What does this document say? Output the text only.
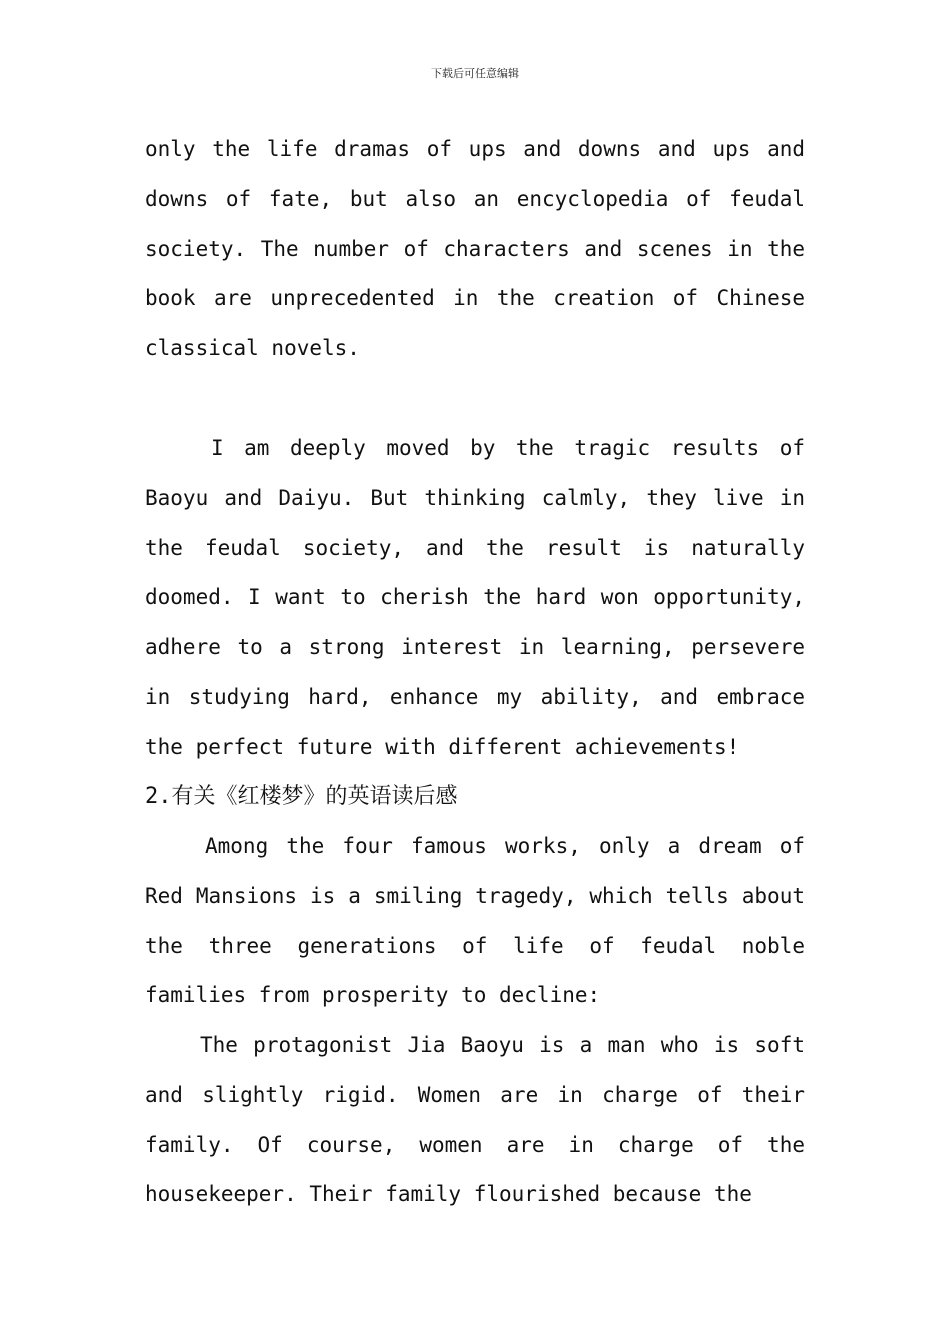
下载后可任意编辑
only the life dramas of ups and downs and ups and downs of fate, but also an encyclopedia of feudal society. The number of characters and scenes in the book are unprecedented in the creation of Chinese classical novels.
I am deeply moved by the tragic results of Baoyu and Daiyu. But thinking calmly, they live in the feudal society, and the result is naturally doomed. I want to cherish the hard won opportunity, adhere to a strong interest in learning, persevere in studying hard, enhance my ability, and embrace the perfect future with different achievements!
2.有关《红楼梦》的英语读后感
Among the four famous works, only a dream of Red Mansions is a smiling tragedy, which tells about the three generations of life of feudal noble families from prosperity to decline:
The protagonist Jia Baoyu is a man who is soft and slightly rigid. Women are in charge of their family. Of course, women are in charge of the housekeeper. Their family flourished because the
